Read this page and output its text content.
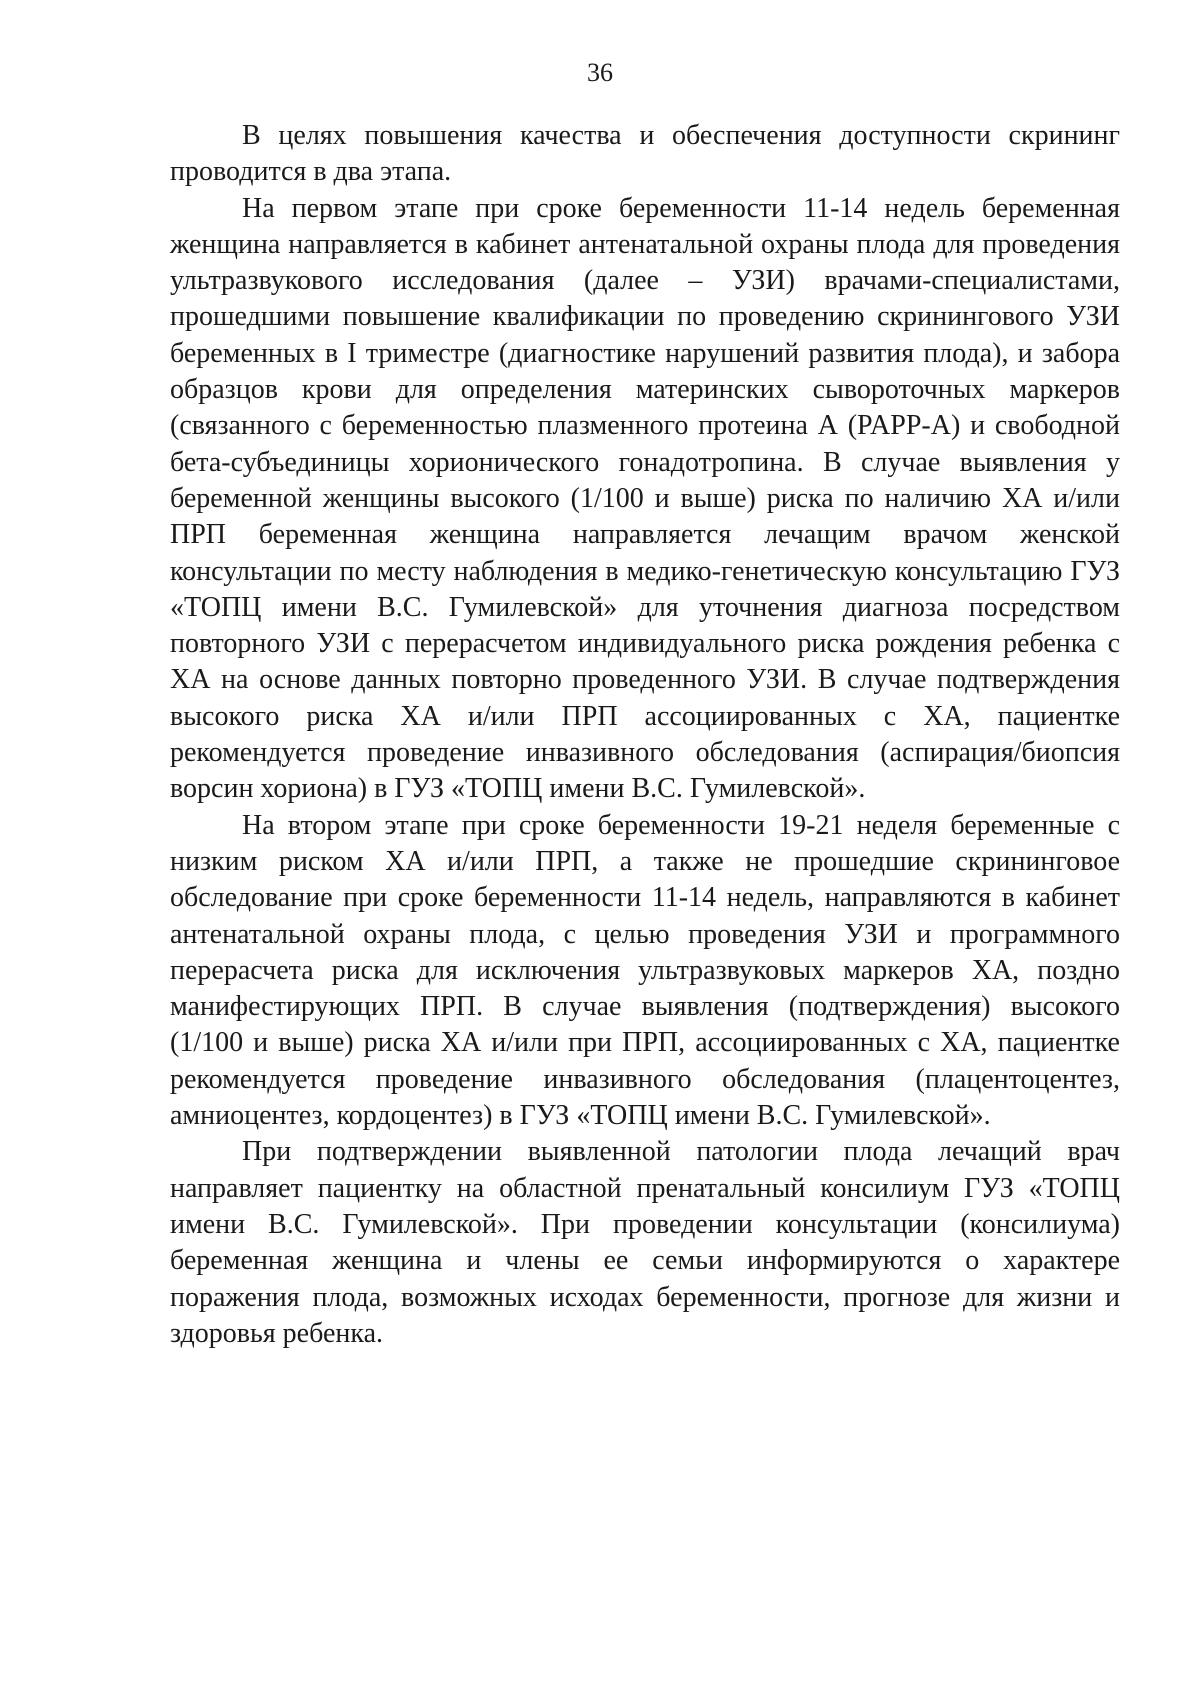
36

В целях повышения качества и обеспечения доступности скрининг проводится в два этапа.

На первом этапе при сроке беременности 11-14 недель беременная женщина направляется в кабинет антенатальной охраны плода для проведения ультразвукового исследования (далее – УЗИ) врачами-специалистами, прошедшими повышение квалификации по проведению скринингового УЗИ беременных в I триместре (диагностике нарушений развития плода), и забора образцов крови для определения материнских сывороточных маркеров (связанного с беременностью плазменного протеина А (PAPP-A) и свободной бета-субъединицы хорионического гонадотропина. В случае выявления у беременной женщины высокого (1/100 и выше) риска по наличию ХА и/или ПРП беременная женщина направляется лечащим врачом женской консультации по месту наблюдения в медико-генетическую консультацию ГУЗ «ТОПЦ имени В.С. Гумилевской» для уточнения диагноза посредством повторного УЗИ с перерасчетом индивидуального риска рождения ребенка с ХА на основе данных повторно проведенного УЗИ. В случае подтверждения высокого риска ХА и/или ПРП ассоциированных с ХА, пациентке рекомендуется проведение инвазивного обследования (аспирация/биопсия ворсин хориона) в ГУЗ «ТОПЦ имени В.С. Гумилевской».

На втором этапе при сроке беременности 19-21 неделя беременные с низким риском ХА и/или ПРП, а также не прошедшие скрининговое обследование при сроке беременности 11-14 недель, направляются в кабинет антенатальной охраны плода, с целью проведения УЗИ и программного перерасчета риска для исключения ультразвуковых маркеров ХА, поздно манифестирующих ПРП. В случае выявления (подтверждения) высокого (1/100 и выше) риска ХА и/или при ПРП, ассоциированных с ХА, пациентке рекомендуется проведение инвазивного обследования (плацентоцентез, амниоцентез, кордоцентез) в ГУЗ «ТОПЦ имени В.С. Гумилевской».

При подтверждении выявленной патологии плода лечащий врач направляет пациентку на областной пренатальный консилиум ГУЗ «ТОПЦ имени В.С. Гумилевской». При проведении консультации (консилиума) беременная женщина и члены ее семьи информируются о характере поражения плода, возможных исходах беременности, прогнозе для жизни и здоровья ребенка.
